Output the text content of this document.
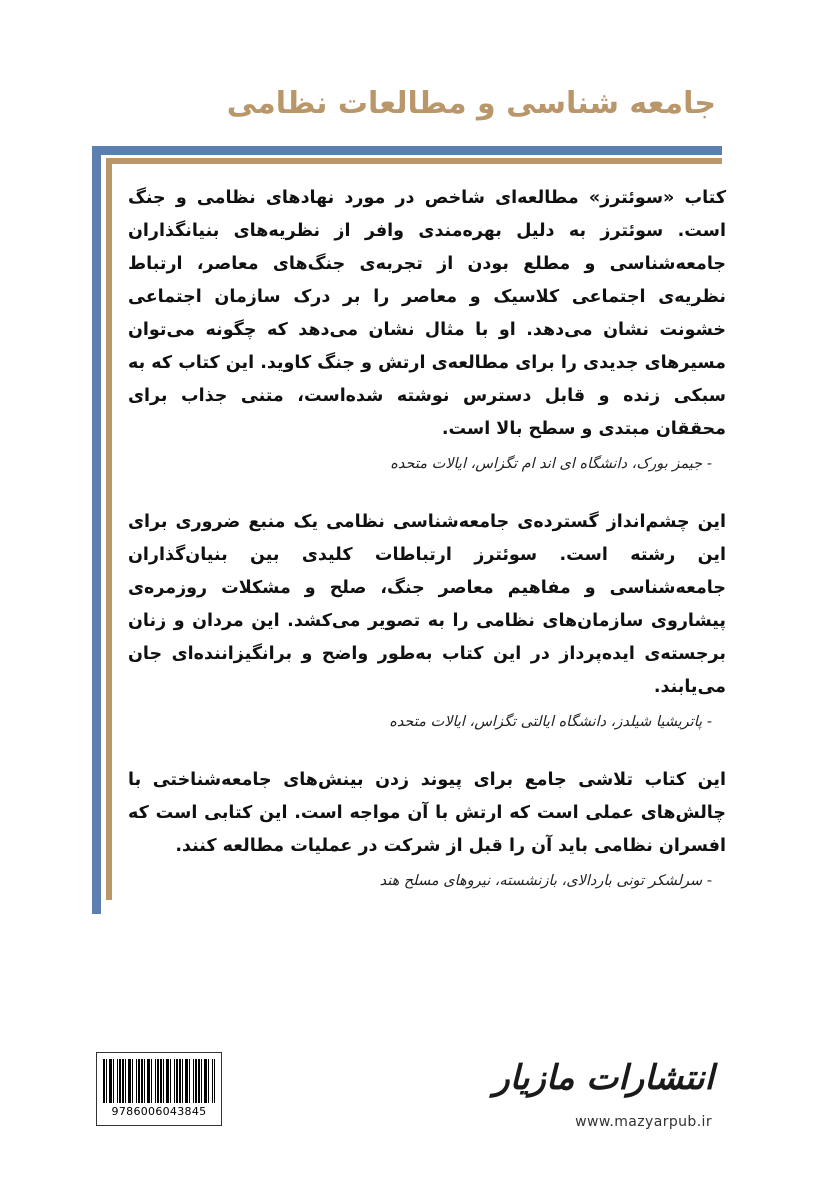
جامعه شناسی و مطالعات نظامی

کتاب «سوئترز» مطالعه‌ای شاخص در مورد نهادهای نظامی و جنگ است. سوئترز به دلیل بهره‌مندی وافر از نظریه‌های بنیانگذاران جامعه‌شناسی و مطلع بودن از تجربه‌ی جنگ‌های معاصر، ارتباط نظریه‌ی اجتماعی کلاسیک و معاصر را بر درک سازمان اجتماعی خشونت نشان می‌دهد. او با مثال نشان می‌دهد که چگونه می‌توان مسیرهای جدیدی را برای مطالعه‌ی ارتش و جنگ کاوید. این کتاب که به سبکی زنده و قابل دسترس نوشته شده‌است، متنی جذاب برای محققان مبتدی و سطح بالا است.

- جیمز بورک، دانشگاه ای اند ام تگزاس، ایالات متحده

این چشم‌انداز گسترده‌ی جامعه‌شناسی نظامی یک منبع ضروری برای این رشته است. سوئترز ارتباطات کلیدی بین بنیان‌گذاران جامعه‌شناسی و مفاهیم معاصر جنگ، صلح و مشکلات روزمره‌ی پیشاروی سازمان‌های نظامی را به تصویر می‌کشد. این مردان و زنان برجسته‌ی ایده‌پرداز در این کتاب به‌طور واضح و برانگیزاننده‌ای جان می‌یابند.

- پاتریشیا شیلدز، دانشگاه ایالتی تگزاس، ایالات متحده

این کتاب تلاشی جامع برای پیوند زدن بینش‌های جامعه‌شناختی با چالش‌های عملی است که ارتش با آن مواجه است. این کتابی است که افسران نظامی باید آن را قبل از شرکت در عملیات مطالعه کنند.

- سرلشکر تونی باردالای، بازنشسته، نیروهای مسلح هند

9786006043845
انتشارات مازیار
www.mazyarpub.ir
